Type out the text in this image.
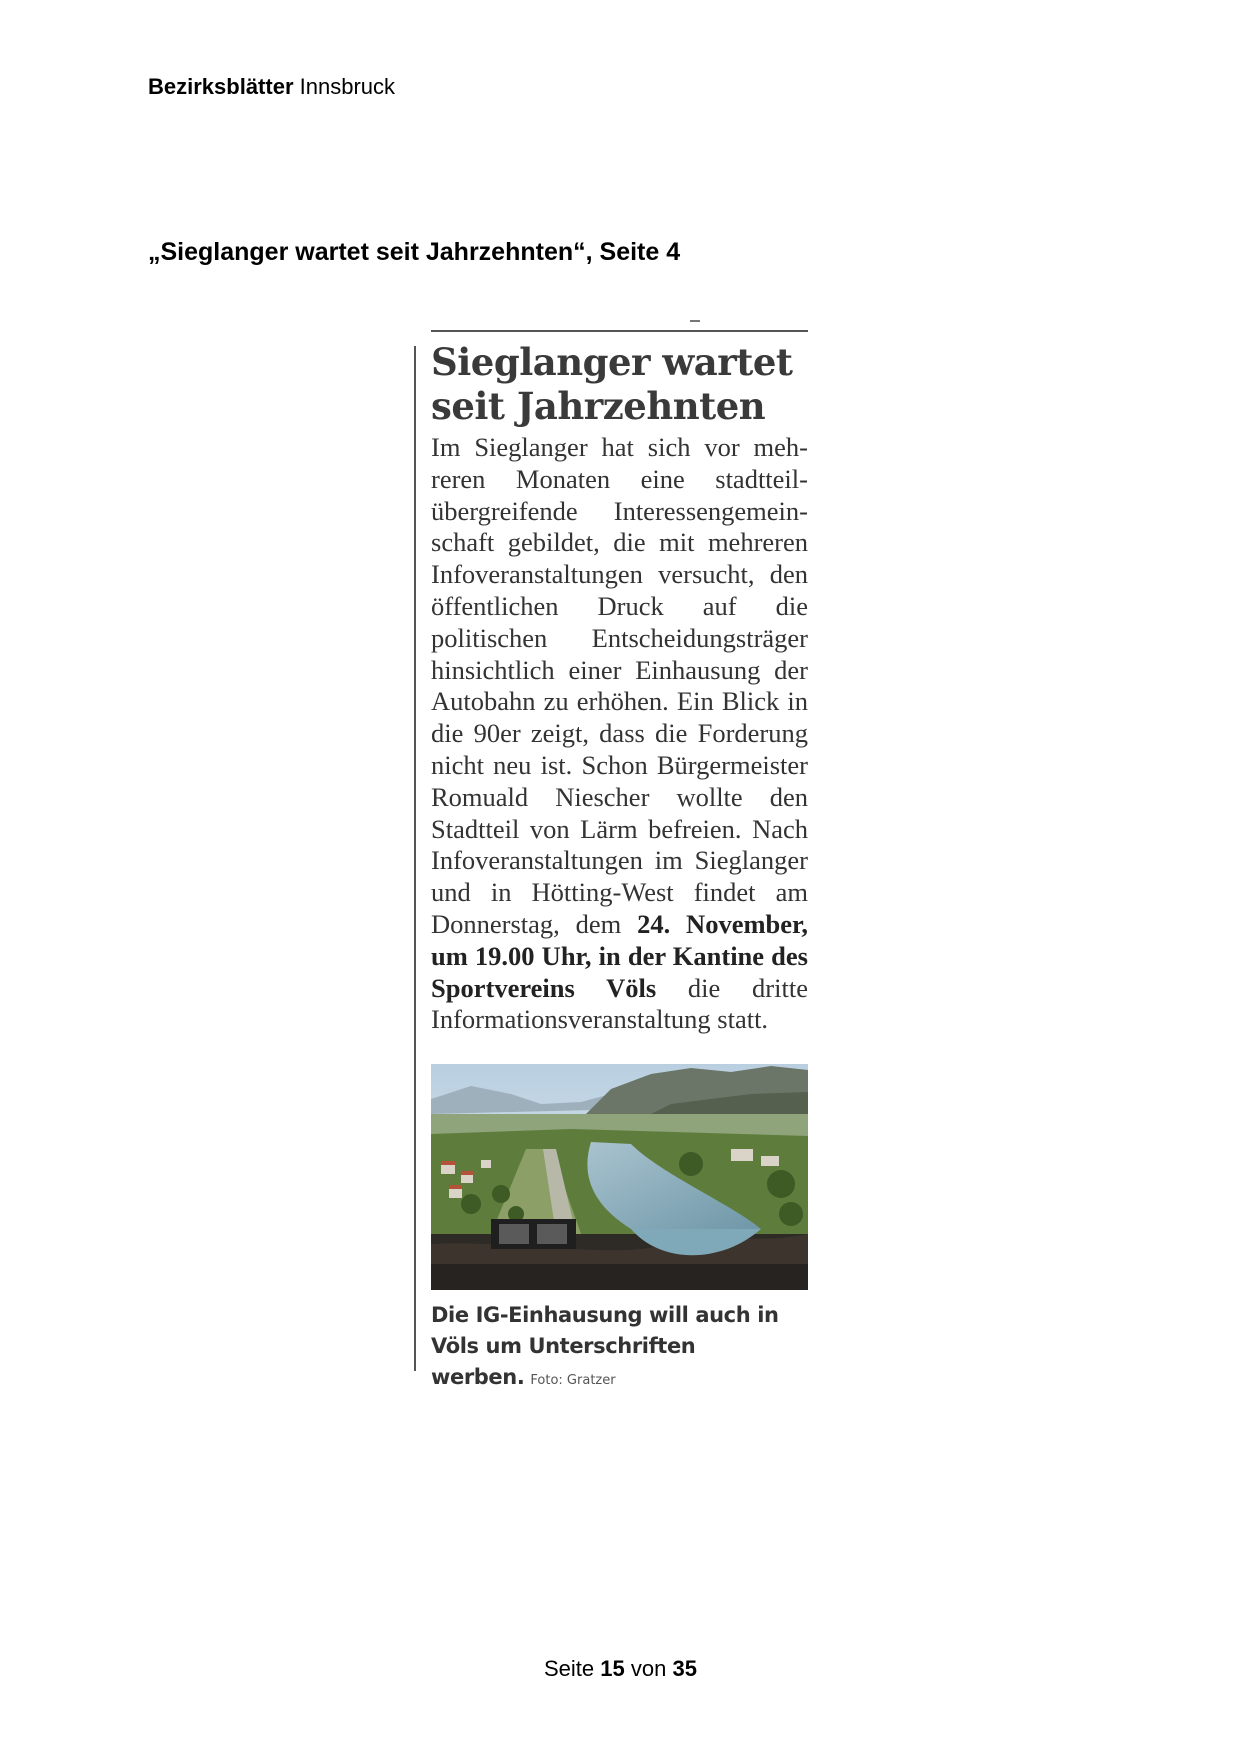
Bezirksblätter Innsbruck
„Sieglanger wartet seit Jahrzehnten“, Seite 4
Sieglanger wartet
seit Jahrzehnten
Im Sieglanger hat sich vor mehreren Monaten eine stadtteilübergreifende Interessengemeinschaft gebildet, die mit mehreren Infoveranstaltungen versucht, den öffentlichen Druck auf die politischen Entscheidungsträger hinsichtlich einer Einhausung der Autobahn zu erhöhen. Ein Blick in die 90er zeigt, dass die Forderung nicht neu ist. Schon Bürgermeister Romuald Niescher wollte den Stadtteil von Lärm befreien. Nach Infoveranstaltungen im Sieglanger und in Hötting-West findet am Donnerstag, dem 24. November, um 19.00 Uhr, in der Kantine des Sportvereins Völs die dritte Informationsveranstaltung statt.
Die IG-Einhausung will auch in Völs um Unterschriften werben. Foto: Gratzer
Seite 15 von 35
